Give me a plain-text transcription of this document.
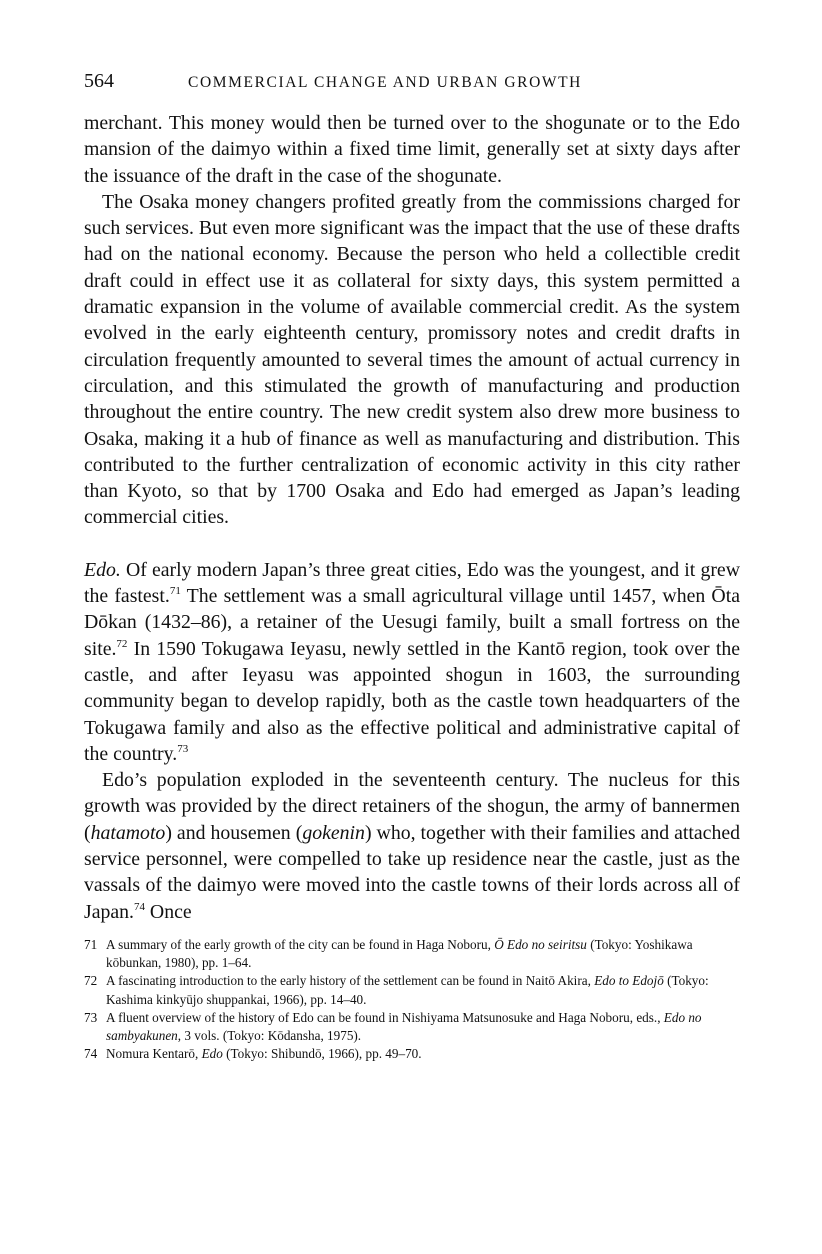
564	COMMERCIAL CHANGE AND URBAN GROWTH

merchant. This money would then be turned over to the shogunate or to the Edo mansion of the daimyo within a fixed time limit, generally set at sixty days after the issuance of the draft in the case of the shogunate.

The Osaka money changers profited greatly from the commissions charged for such services. But even more significant was the impact that the use of these drafts had on the national economy. Because the person who held a collectible credit draft could in effect use it as collateral for sixty days, this system permitted a dramatic expansion in the volume of available commercial credit. As the system evolved in the early eighteenth century, promissory notes and credit drafts in circulation frequently amounted to several times the amount of actual currency in circulation, and this stimulated the growth of manufacturing and production throughout the entire country. The new credit system also drew more business to Osaka, making it a hub of finance as well as manufacturing and distribution. This contributed to the further centralization of economic activity in this city rather than Kyoto, so that by 1700 Osaka and Edo had emerged as Japan’s leading commercial cities.

Edo. Of early modern Japan’s three great cities, Edo was the youngest, and it grew the fastest.$^{71}$ The settlement was a small agricultural village until 1457, when Ōta Dōkan (1432–86), a retainer of the Uesugi family, built a small fortress on the site.$^{72}$ In 1590 Tokugawa Ieyasu, newly settled in the Kantō region, took over the castle, and after Ieyasu was appointed shogun in 1603, the surrounding community began to develop rapidly, both as the castle town headquarters of the Tokugawa family and also as the effective political and administrative capital of the country.$^{73}$

Edo’s population exploded in the seventeenth century. The nucleus for this growth was provided by the direct retainers of the shogun, the army of bannermen (hatamoto) and housemen (gokenin) who, together with their families and attached service personnel, were compelled to take up residence near the castle, just as the vassals of the daimyo were moved into the castle towns of their lords across all of Japan.$^{74}$ Once

71 A summary of the early growth of the city can be found in Haga Noboru, Ō Edo no seiritsu (Tokyo: Yoshikawa kōbunkan, 1980), pp. 1–64.
72 A fascinating introduction to the early history of the settlement can be found in Naitō Akira, Edo to Edojō (Tokyo: Kashima kinkyūjo shuppankai, 1966), pp. 14–40.
73 A fluent overview of the history of Edo can be found in Nishiyama Matsunosuke and Haga Noboru, eds., Edo no sambyakunen, 3 vols. (Tokyo: Kōdansha, 1975).
74 Nomura Kentarō, Edo (Tokyo: Shibundō, 1966), pp. 49–70.
